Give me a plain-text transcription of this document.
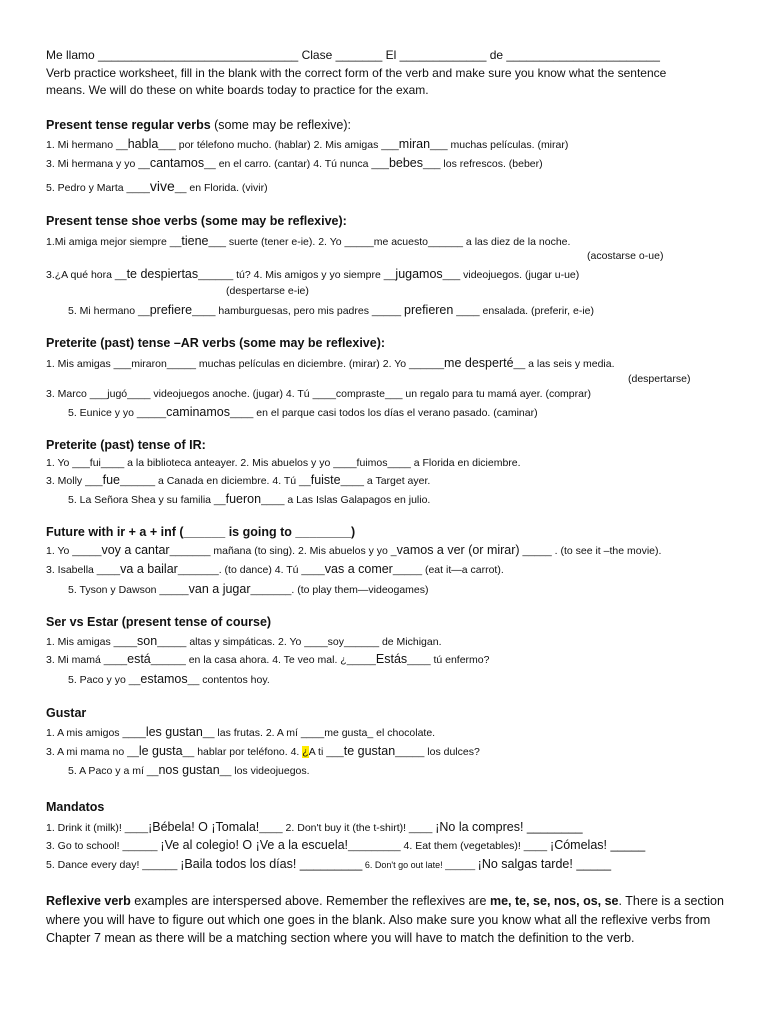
Me llamo ______________________________ Clase _______ El _____________ de _______________________
Verb practice worksheet, fill in the blank with the correct form of the verb and make sure you know what the sentence
means. We will do these on white boards today to practice for the exam.
Present tense regular verbs (some may be reflexive):
1. Mi hermano __habla___ por télefono mucho. (hablar) 2. Mis amigas ___miran___ muchas películas. (mirar)
3. Mi hermana y yo __cantamos__ en el carro. (cantar) 4. Tú nunca ___bebes___ los refrescos. (beber)
5. Pedro y Marta ____vive__ en Florida. (vivir)
Present tense shoe verbs (some may be reflexive):
1.Mi amiga mejor siempre __tiene___ suerte (tener e-ie). 2. Yo _____me acuesto______ a las diez de la noche.
(acostarse o-ue)
3.¿A qué hora __te despiertas______ tú? 4. Mis amigos y yo siempre __jugamos___ videojuegos. (jugar u-ue)
(despertarse e-ie)
5. Mi hermano __prefiere____ hamburguesas, pero mis padres _____ prefieren ____ ensalada. (preferir, e-ie)
Preterite (past) tense –AR verbs (some may be reflexive):
1. Mis amigas ___miraron_____ muchas películas en diciembre. (mirar) 2. Yo ______me desperté__ a las seis y media.
(despertarse)
3. Marco ___jugó____ videojuegos anoche. (jugar) 4. Tú ____compraste___ un regalo para tu mamá ayer. (comprar)
5. Eunice y yo _____caminamos____ en el parque casi todos los días el verano pasado. (caminar)
Preterite (past) tense of IR:
1. Yo ___fui____ a la biblioteca anteayer. 2. Mis abuelos y yo ____fuimos____ a Florida en diciembre.
3. Molly ___fue______ a Canada en diciembre. 4. Tú __fuiste____ a Target ayer.
5. La Señora Shea y su familia __fueron____ a Las Islas Galapagos en julio.
Future with ir + a + inf (______ is going to ________)
1. Yo _____voy a cantar_______ mañana (to sing). 2. Mis abuelos y yo _vamos a ver (or mirar) _____ . (to see it –the movie).
3. Isabella ____va a bailar_______. (to dance) 4. Tú ____vas a comer_____ (eat it—a carrot).
5. Tyson y Dawson _____van a jugar_______. (to play them—videogames)
Ser vs Estar (present tense of course)
1. Mis amigas ____son_____ altas y simpáticas. 2. Yo ____soy______ de Michigan.
3. Mi mamá ____está______ en la casa ahora. 4. Te veo mal. ¿_____Estás____ tú enfermo?
5. Paco y yo __estamos__ contentos hoy.
Gustar
1. A mis amigos ____les gustan__ las frutas. 2. A mí ____me gusta_ el chocolate.
3. A mi mama no __le gusta__ hablar por teléfono. 4. ¿A ti ___te gustan_____ los dulces?
5. A Paco y a mí __nos gustan__ los videojuegos.
Mandatos
1. Drink it (milk)! ____¡Bébela! O ¡Tomala!____ 2. Don't buy it (the t-shirt)! ____ ¡No la compres! ________
3. Go to school! ______ ¡Ve al colegio! O ¡Ve a la escuela!_________ 4. Eat them (vegetables)! ____ ¡Cómelas! _____
5. Dance every day! ______ ¡Baila todos los días! _________ 6. Don't go out late! ______ ¡No salgas tarde! _____
Reflexive verb examples are interspersed above. Remember the reflexives are me, te, se, nos, os, se. There is a section where you will have to figure out which one goes in the blank. Also make sure you know what all the reflexive verbs from Chapter 7 mean as there will be a matching section where you will have to match the definition to the verb.
